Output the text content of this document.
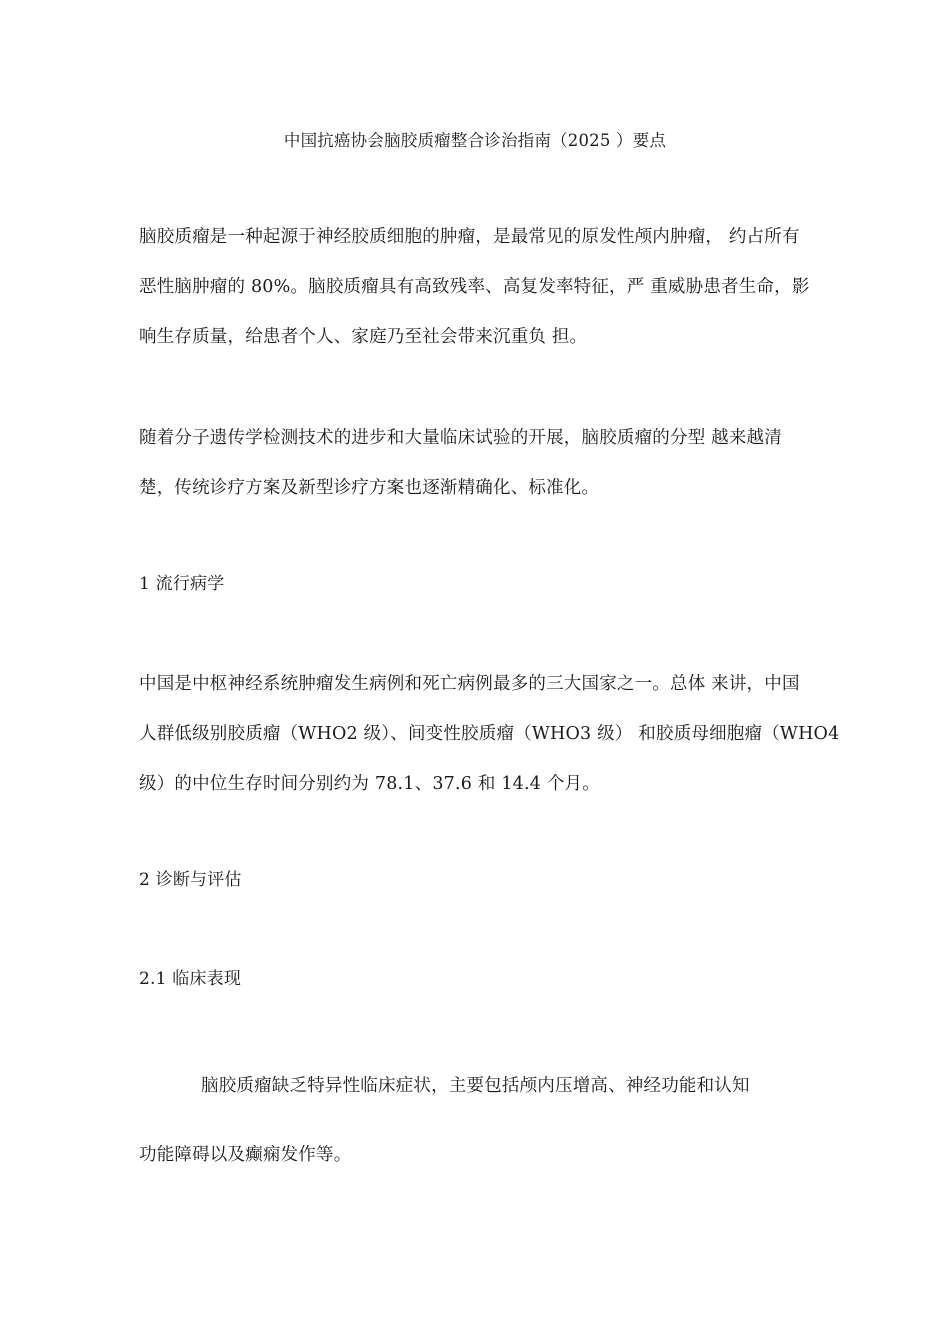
中国抗癌协会脑胶质瘤整合诊治指南（2025 ）要点
脑胶质瘤是一种起源于神经胶质细胞的肿瘤，是最常见的原发性颅内肿瘤， 约占所有
恶性脑肿瘤的 80%。脑胶质瘤具有高致残率、高复发率特征，严 重威胁患者生命，影
响生存质量，给患者个人、家庭乃至社会带来沉重负 担。
随着分子遗传学检测技术的进步和大量临床试验的开展，脑胶质瘤的分型 越来越清
楚，传统诊疗方案及新型诊疗方案也逐渐精确化、标准化。
1 流行病学
中国是中枢神经系统肿瘤发生病例和死亡病例最多的三大国家之一。总体 来讲，中国
人群低级别胶质瘤（WHO2 级）、间变性胶质瘤（WHO3 级） 和胶质母细胞瘤（WHO4
级）的中位生存时间分别约为 78.1、37.6 和 14.4 个月。
2 诊断与评估
2.1 临床表现
脑胶质瘤缺乏特异性临床症状，主要包括颅内压增高、神经功能和认知
功能障碍以及癫痫发作等。
